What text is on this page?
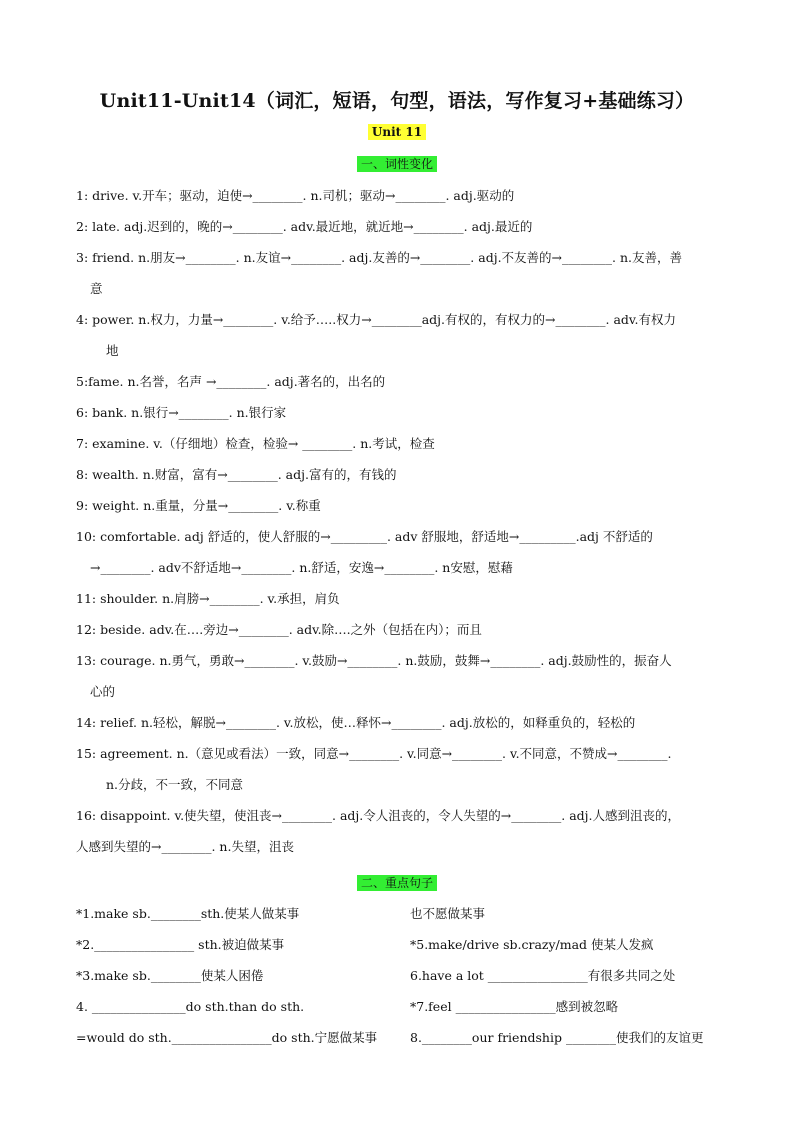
Unit11-Unit14（词汇，短语，句型，语法，写作复习+基础练习）
Unit 11
一、词性变化

1: drive. v.开车；驱动，迫使→________. n.司机；驱动→________. adj.驱动的

2: late. adj.迟到的，晚的→________. adv.最近地，就近地→________. adj.最近的

3: friend. n.朋友→________. n.友谊→________. adj.友善的→________. adj.不友善的→________. n.友善，善

意

4: power. n.权力，力量→________. v.给予…..权力→________adj.有权的，有权力的→________. adv.有权力

地

5:fame. n.名誉，名声 →________. adj.著名的，出名的

6: bank. n.银行→________. n.银行家

7: examine. v.（仔细地）检查，检验→ ________. n.考试，检查

8: wealth. n.财富，富有→________. adj.富有的，有钱的

9: weight. n.重量，分量→________. v.称重

10: comfortable. adj 舒适的，使人舒服的→_________. adv 舒服地，舒适地→_________.adj 不舒适的

→________. adv不舒适地→________. n.舒适，安逸→________. n安慰，慰藉

11: shoulder. n.肩膀→________. v.承担，肩负

12: beside. adv.在….旁边→________. adv.除….之外（包括在内）；而且

13: courage. n.勇气，勇敢→________. v.鼓励→________. n.鼓励，鼓舞→________. adj.鼓励性的，振奋人

心的

14: relief. n.轻松，解脱→________. v.放松，使…释怀→________. adj.放松的，如释重负的，轻松的

15: agreement. n.（意见或看法）一致，同意→________. v.同意→________. v.不同意，不赞成→________.

n.分歧，不一致，不同意

16: disappoint. v.使失望，使沮丧→________. adj.令人沮丧的，令人失望的→________. adj.人感到沮丧的，

人感到失望的→________. n.失望，沮丧

二、重点句子

*1.make sb.________sth.使某人做某事

*2.________________ sth.被迫做某事

*3.make sb.________使某人困倦

4. _______________do sth.than do sth.

=would do sth.________________do sth.宁愿做某事

也不愿做某事

*5.make/drive sb.crazy/mad 使某人发疯

6.have a lot ________________有很多共同之处

*7.feel ________________感到被忽略

8.________our friendship ________使我们的友谊更
